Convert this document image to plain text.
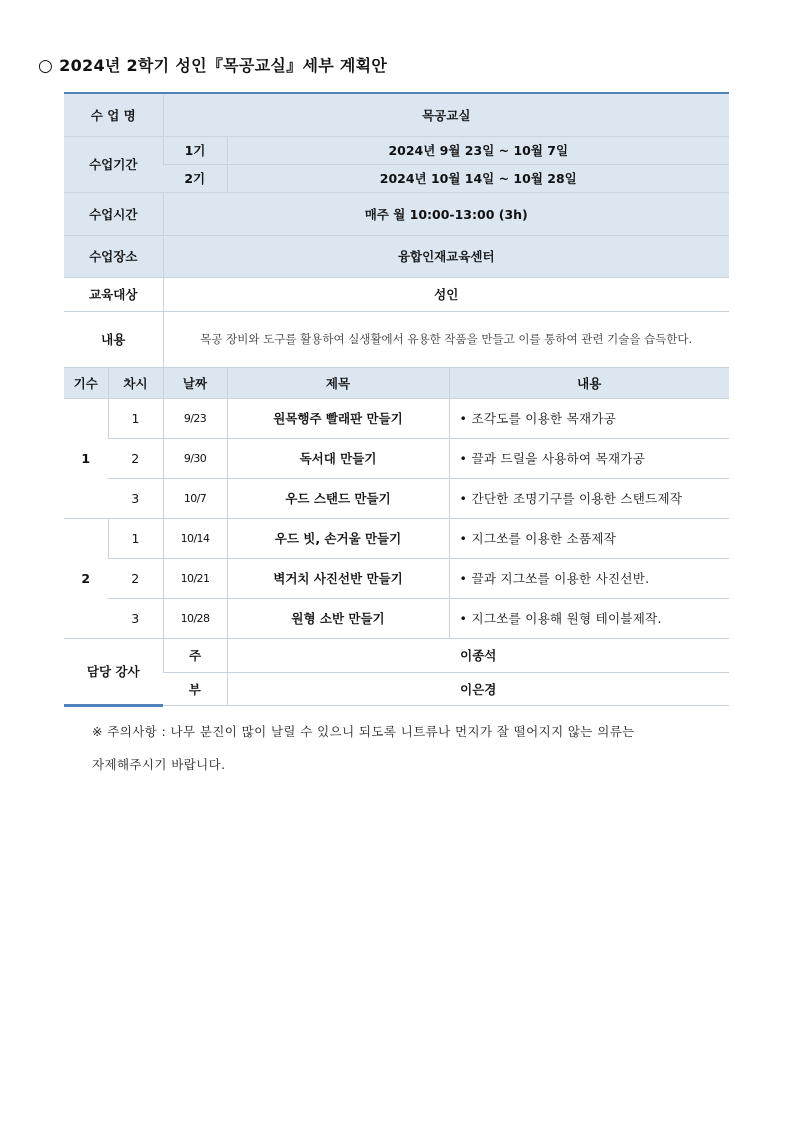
○ 2024년 2학기 성인『목공교실』세부 계획안
수 업 명		목공교실		
수업기간		1기	2024년 9월 23일 ~ 10월 7일	
		2기	2024년 10월 14일 ~ 10월 28일	
수업시간		매주 월 10:00-13:00 (3h)		
수업장소		융합인재교육센터		
교육대상		성인		
내용		목공 장비와 도구를 활용하여 실생활에서 유용한 작품을 만들고 이를 통하여 관련 기술을 습득한다.		
기수	차시	날짜	제목	내용
1	1	9/23	원목행주 빨래판 만들기	• 조각도를 이용한 목재가공
	2	9/30	독서대 만들기	• 끌과 드릴을 사용하여 목재가공
	3	10/7	우드 스탠드 만들기	• 간단한 조명기구를 이용한 스탠드제작
2	1	10/14	우드 빗, 손거울 만들기	• 지그쏘를 이용한 소품제작
	2	10/21	벽거치 사진선반 만들기	• 끌과 지그쏘를 이용한 사진선반.
	3	10/28	원형 소반 만들기	• 지그쏘를 이용해 원형 테이블제작.
담당 강사		주	이종석	
		부	이은경	
※ 주의사항 : 나무 분진이 많이 날릴 수 있으니 되도록 니트류나 먼지가 잘 떨어지지 않는 의류는
자제해주시기 바랍니다.
